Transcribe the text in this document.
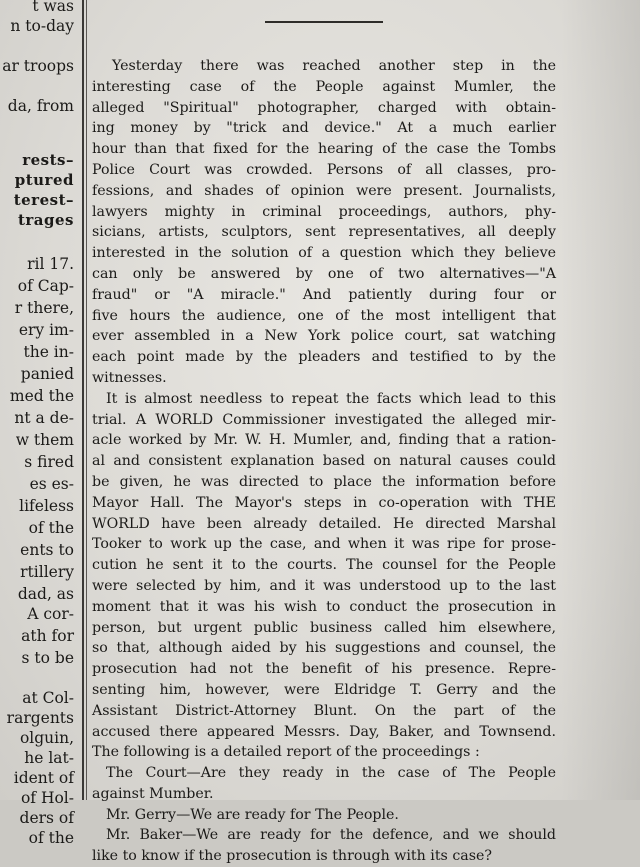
t was
n to-day
ar troops
da, from
rests–
ptured
terest–
trages
ril 17.
of Cap-
r there,
ery im-
the in-
panied
med the
nt a de-
w them
s fired
es es-
lifeless
of the
ents to
rtillery
dad, as
A cor-
ath for
s to be
at Col-
rargents
olguin,
he lat-
ident of
of Hol-
ders of
of the
Yesterday there was reached another step in the
interesting case of the People against Mumler, the
alleged "Spiritual" photographer, charged with obtain-
ing money by "trick and device." At a much earlier
hour than that fixed for the hearing of the case the Tombs
Police Court was crowded. Persons of all classes, pro-
fessions, and shades of opinion were present. Journalists,
lawyers mighty in criminal proceedings, authors, phy-
sicians, artists, sculptors, sent representatives, all deeply
interested in the solution of a question which they believe
can only be answered by one of two alternatives—"A
fraud" or "A miracle." And patiently during four or
five hours the audience, one of the most intelligent that
ever assembled in a New York police court, sat watching
each point made by the pleaders and testified to by the
witnesses.
It is almost needless to repeat the facts which lead to this
trial. A WORLD Commissioner investigated the alleged mir-
acle worked by Mr. W. H. Mumler, and, finding that a ration-
al and consistent explanation based on natural causes could
be given, he was directed to place the information before
Mayor Hall. The Mayor's steps in co-operation with THE
WORLD have been already detailed. He directed Marshal
Tooker to work up the case, and when it was ripe for prose-
cution he sent it to the courts. The counsel for the People
were selected by him, and it was understood up to the last
moment that it was his wish to conduct the prosecution in
person, but urgent public business called him elsewhere,
so that, although aided by his suggestions and counsel, the
prosecution had not the benefit of his presence. Repre-
senting him, however, were Eldridge T. Gerry and the
Assistant District-Attorney Blunt. On the part of the
accused there appeared Messrs. Day, Baker, and Townsend.
The following is a detailed report of the proceedings :
The Court—Are they ready in the case of The People
against Mumber.
Mr. Gerry—We are ready for The People.
Mr. Baker—We are ready for the defence, and we should
like to know if the prosecution is through with its case?
